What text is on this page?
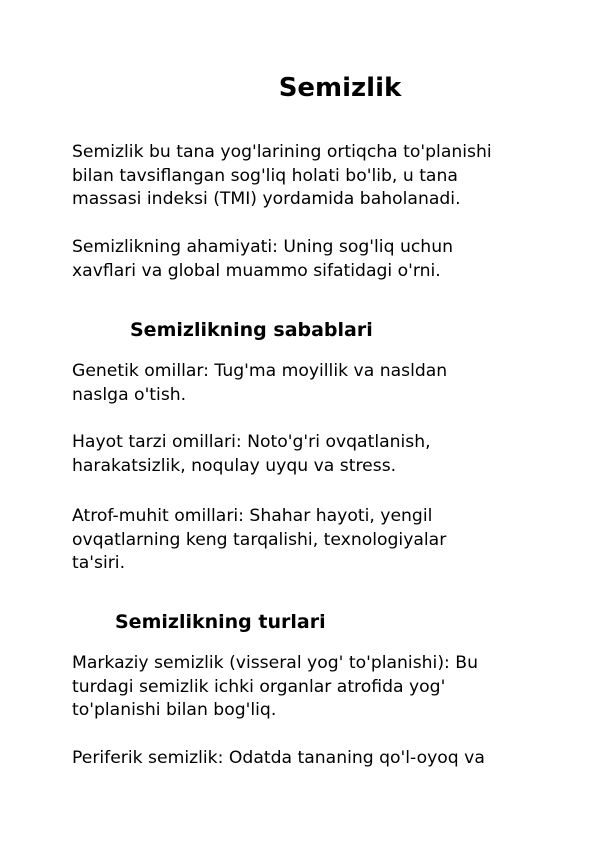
Semizlik

Semizlik bu tana yog'larining ortiqcha to'planishi
bilan tavsiflangan sog'liq holati bo'lib, u tana
massasi indeksi (TMI) yordamida baholanadi.

Semizlikning ahamiyati: Uning sog'liq uchun
xavflari va global muammo sifatidagi o'rni.

Semizlikning sabablari

Genetik omillar: Tug'ma moyillik va nasldan
naslga o'tish.

Hayot tarzi omillari: Noto'g'ri ovqatlanish,
harakatsizlik, noqulay uyqu va stress.

Atrof-muhit omillari: Shahar hayoti, yengil
ovqatlarning keng tarqalishi, texnologiyalar
ta'siri.

Semizlikning turlari

Markaziy semizlik (visseral yog' to'planishi): Bu
turdagi semizlik ichki organlar atrofida yog'
to'planishi bilan bog'liq.

Periferik semizlik: Odatda tananing qo'l-oyoq va
